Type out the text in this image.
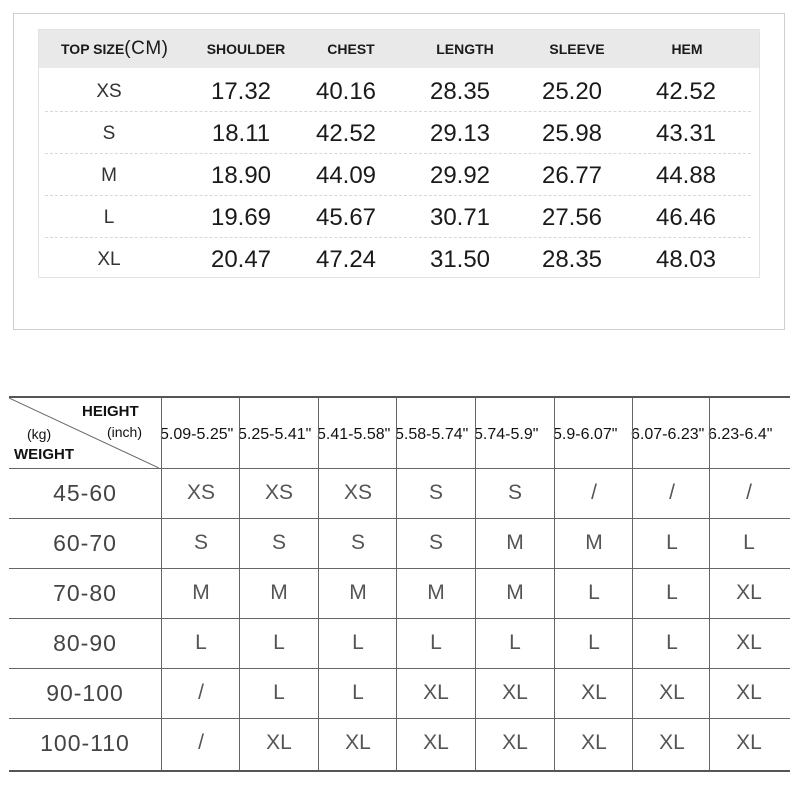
TOP SIZE(CM)	SHOULDER	CHEST	LENGTH	SLEEVE	HEM
XS	17.32	40.16	28.35	25.20	42.52
S	18.11	42.52	29.13	25.98	43.31
M	18.90	44.09	29.92	26.77	44.88
L	19.69	45.67	30.71	27.56	46.46
XL	20.47	47.24	31.50	28.35	48.03
HEIGHT
(inch)
(kg)
WEIGHT
5.09-5.25" 5.25-5.41" 5.41-5.58" 5.58-5.74" 5.74-5.9" 5.9-6.07" 6.07-6.23" 6.23-6.4"
45-60	XS	XS	XS	S	S	/	/	/
60-70	S	S	S	S	M	M	L	L
70-80	M	M	M	M	M	L	L	XL
80-90	L	L	L	L	L	L	L	XL
90-100	/	L	L	XL	XL	XL	XL	XL
100-110	/	XL	XL	XL	XL	XL	XL	XL
